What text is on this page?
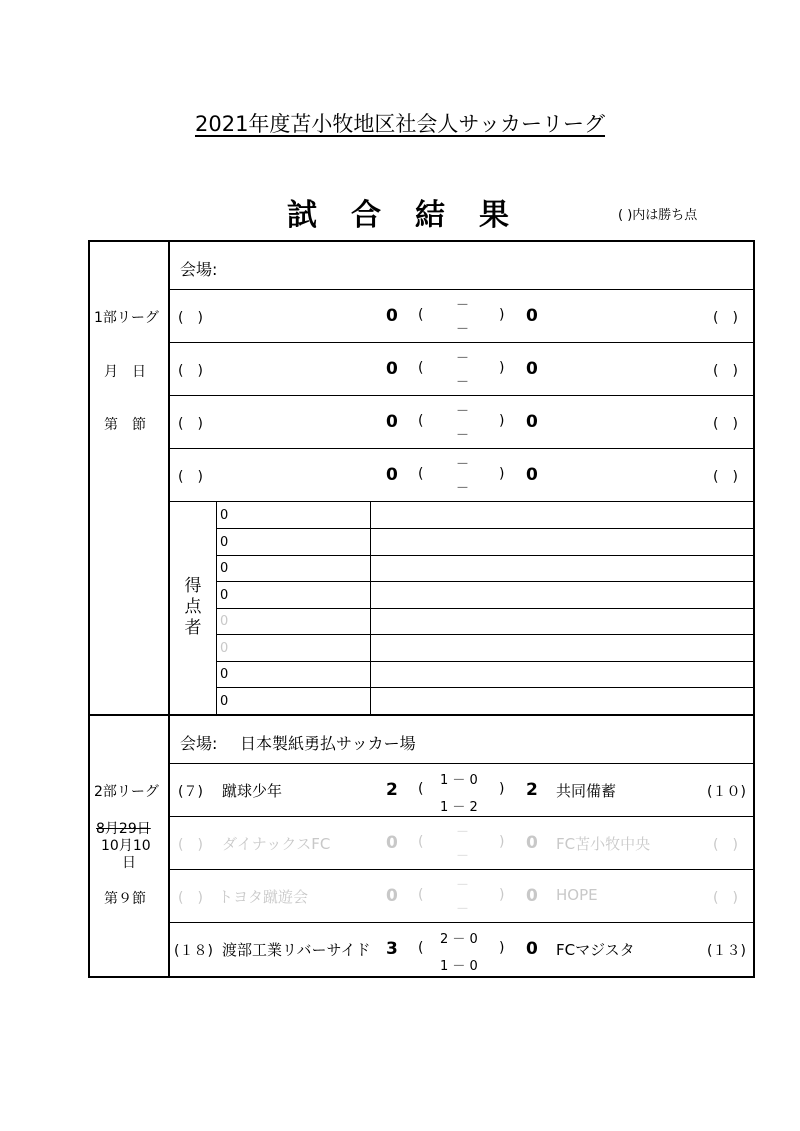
2021年度苫小牧地区社会人サッカーリーグ
試合結果	( )内は勝ち点
1部リーグ
月　日
第　節
会場:
(　)	0 (
－
－
) 0	(　)
(　)	0 (
－
－
) 0	(　)
(　)	0 (
－
－
) 0	(　)
(　)	0 (
－
－
) 0	(　)
得点者
0
0
0
0
0
0
0
0
2部リーグ
8月29日
10月10
日
第９節
会場: 日本製紙勇払サッカー場
(７) 蹴球少年	2 (
1 － 0
1 － 2
) 2 共同備蓄	(１０)
(　) ダイナックスFC	0 (
－
－
) 0 FC苫小牧中央	(　)
(　) トヨタ蹴遊会	0 (
－
－
) 0 HOPE	(　)
(１８) 渡部工業リバーサイド 3 (
2 － 0
1 － 0
) 0 FCマジスタ	(１３)
